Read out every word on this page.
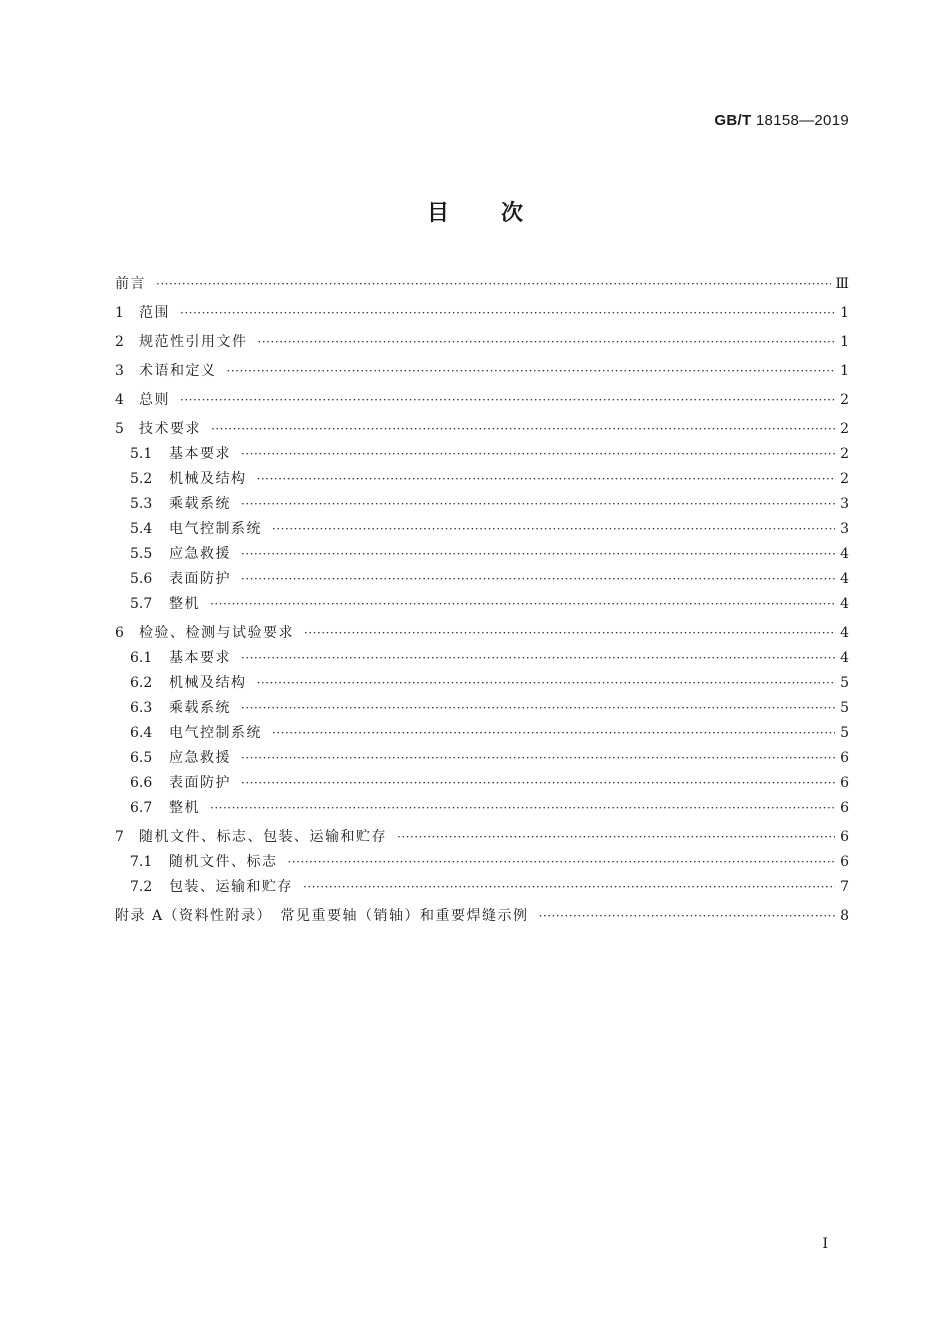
GB/T 18158—2019
目次
前言 ·····	Ⅲ
1	范围 ·····	1
2	规范性引用文件 ·····	1
3	术语和定义 ·····	1
4	总则 ·····	2
5	技术要求 ·····	2
5.1	基本要求 ·····	2
5.2	机械及结构 ·····	2
5.3	乘载系统 ·····	3
5.4	电气控制系统 ·····	3
5.5	应急救援 ·····	4
5.6	表面防护 ·····	4
5.7	整机 ·····	4
6	检验、检测与试验要求 ·····	4
6.1	基本要求 ·····	4
6.2	机械及结构 ·····	5
6.3	乘载系统 ·····	5
6.4	电气控制系统 ·····	5
6.5	应急救援 ·····	6
6.6	表面防护 ·····	6
6.7	整机 ·····	6
7	随机文件、标志、包装、运输和贮存 ·····	6
7.1	随机文件、标志 ·····	6
7.2	包装、运输和贮存 ·····	7
附录 A（资料性附录）　常见重要轴（销轴）和重要焊缝示例 ·····	8
Ⅰ
